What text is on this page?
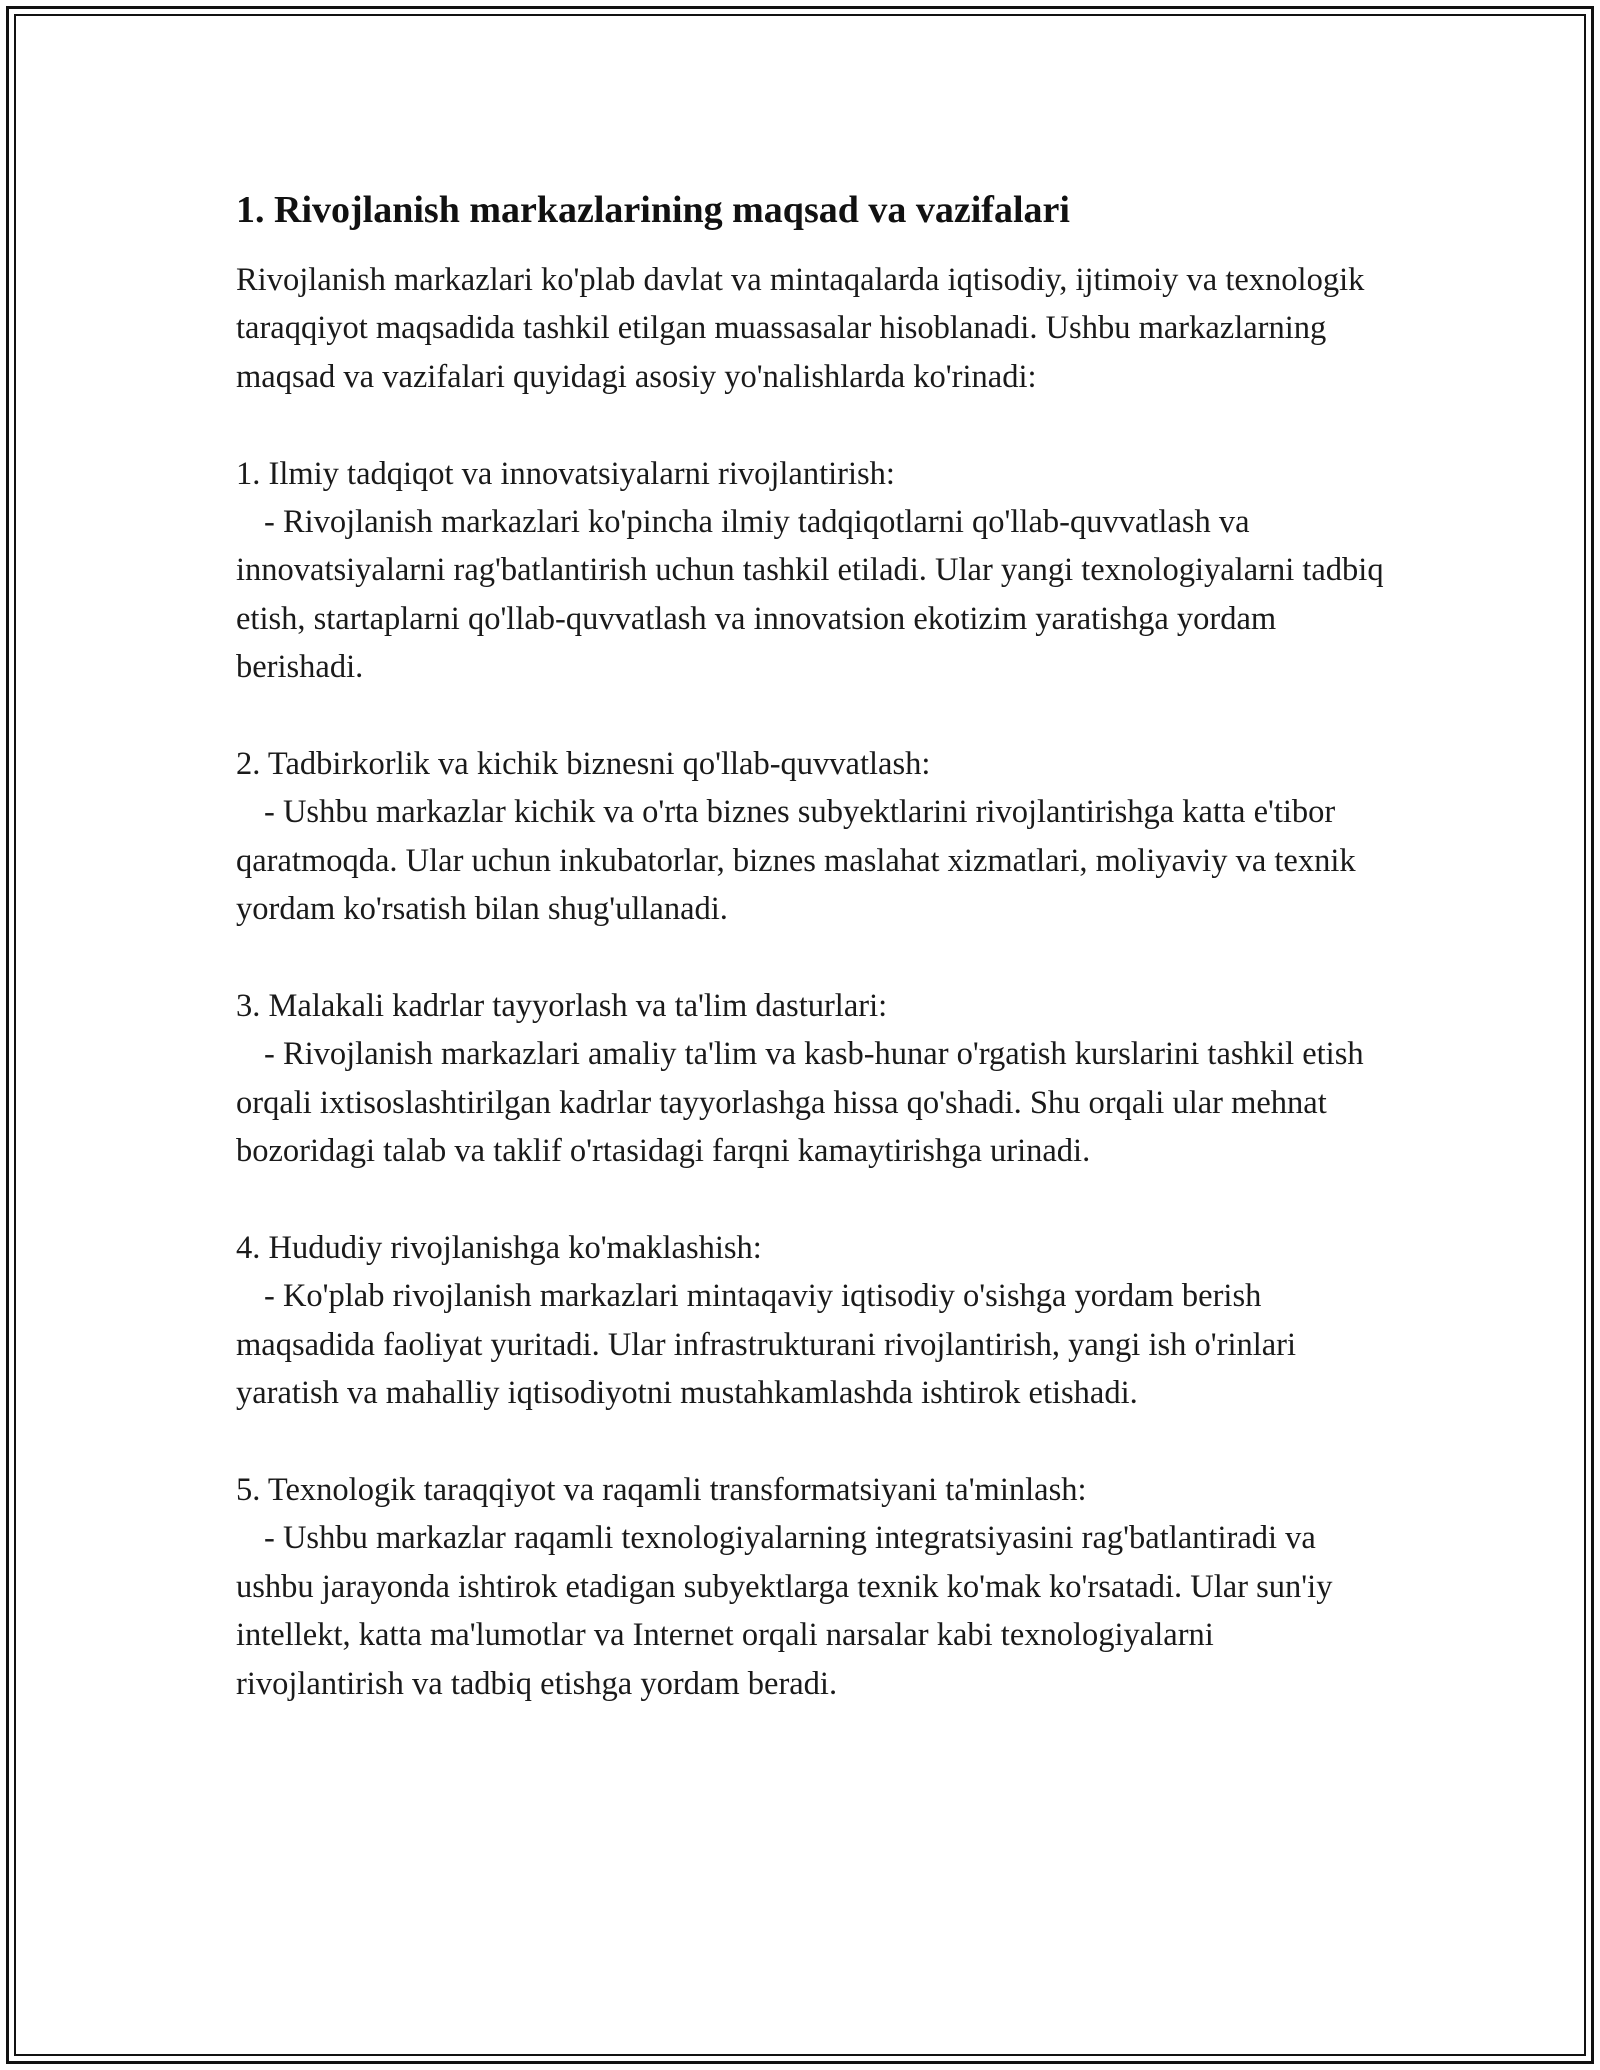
1. Rivojlanish markazlarining maqsad va vazifalari

Rivojlanish markazlari ko'plab davlat va mintaqalarda iqtisodiy, ijtimoiy va texnologik taraqqiyot maqsadida tashkil etilgan muassasalar hisoblanadi. Ushbu markazlarning maqsad va vazifalari quyidagi asosiy yo'nalishlarda ko'rinadi:

1. Ilmiy tadqiqot va innovatsiyalarni rivojlantirish:

- Rivojlanish markazlari ko'pincha ilmiy tadqiqotlarni qo'llab-quvvatlash va innovatsiyalarni rag'batlantirish uchun tashkil etiladi. Ular yangi texnologiyalarni tadbiq etish, startaplarni qo'llab-quvvatlash va innovatsion ekotizim yaratishga yordam berishadi.

2. Tadbirkorlik va kichik biznesni qo'llab-quvvatlash:

- Ushbu markazlar kichik va o'rta biznes subyektlarini rivojlantirishga katta e'tibor qaratmoqda. Ular uchun inkubatorlar, biznes maslahat xizmatlari, moliyaviy va texnik yordam ko'rsatish bilan shug'ullanadi.

3. Malakali kadrlar tayyorlash va ta'lim dasturlari:

- Rivojlanish markazlari amaliy ta'lim va kasb-hunar o'rgatish kurslarini tashkil etish orqali ixtisoslashtirilgan kadrlar tayyorlashga hissa qo'shadi. Shu orqali ular mehnat bozoridagi talab va taklif o'rtasidagi farqni kamaytirishga urinadi.

4. Hududiy rivojlanishga ko'maklashish:

- Ko'plab rivojlanish markazlari mintaqaviy iqtisodiy o'sishga yordam berish maqsadida faoliyat yuritadi. Ular infrastrukturani rivojlantirish, yangi ish o'rinlari yaratish va mahalliy iqtisodiyotni mustahkamlashda ishtirok etishadi.

5. Texnologik taraqqiyot va raqamli transformatsiyani ta'minlash:

- Ushbu markazlar raqamli texnologiyalarning integratsiyasini rag'batlantiradi va ushbu jarayonda ishtirok etadigan subyektlarga texnik ko'mak ko'rsatadi. Ular sun'iy intellekt, katta ma'lumotlar va Internet orqali narsalar kabi texnologiyalarni rivojlantirish va tadbiq etishga yordam beradi.
